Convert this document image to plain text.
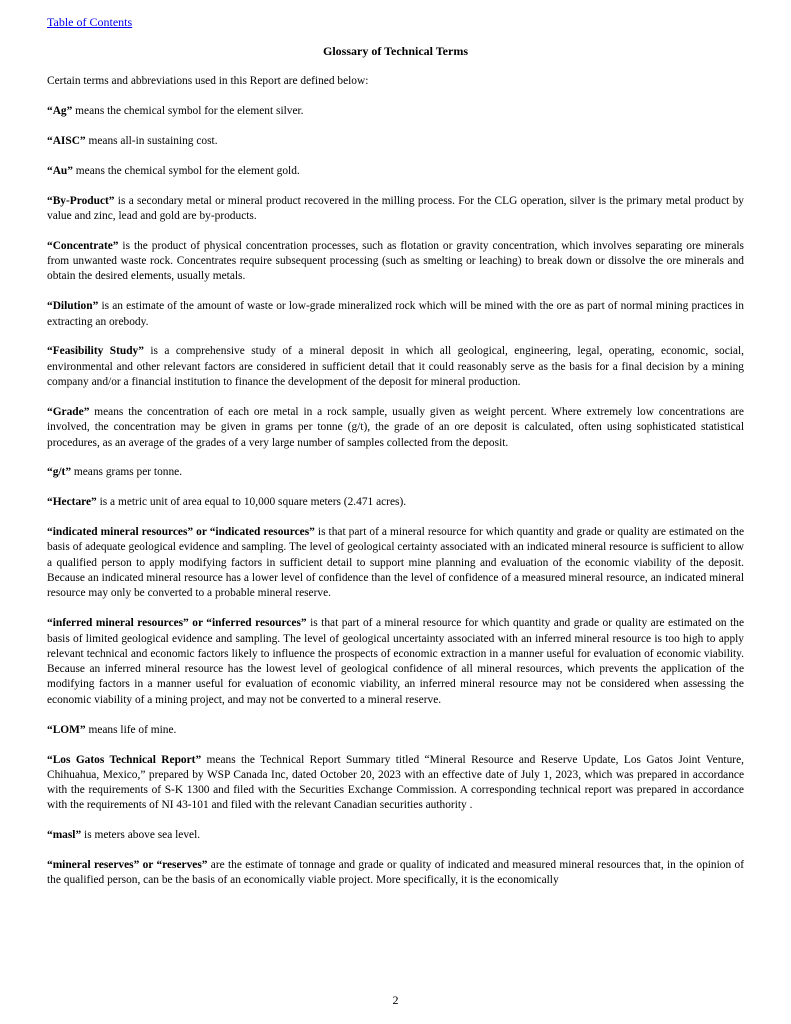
Table of Contents
Glossary of Technical Terms

Certain terms and abbreviations used in this Report are defined below:

“Ag” means the chemical symbol for the element silver.

“AISC” means all-in sustaining cost.

“Au” means the chemical symbol for the element gold.

“By-Product” is a secondary metal or mineral product recovered in the milling process. For the CLG operation, silver is the primary metal product by value and zinc, lead and gold are by-products.

“Concentrate” is the product of physical concentration processes, such as flotation or gravity concentration, which involves separating ore minerals from unwanted waste rock. Concentrates require subsequent processing (such as smelting or leaching) to break down or dissolve the ore minerals and obtain the desired elements, usually metals.

“Dilution” is an estimate of the amount of waste or low-grade mineralized rock which will be mined with the ore as part of normal mining practices in extracting an orebody.

“Feasibility Study” is a comprehensive study of a mineral deposit in which all geological, engineering, legal, operating, economic, social, environmental and other relevant factors are considered in sufficient detail that it could reasonably serve as the basis for a final decision by a mining company and/or a financial institution to finance the development of the deposit for mineral production.

“Grade” means the concentration of each ore metal in a rock sample, usually given as weight percent. Where extremely low concentrations are involved, the concentration may be given in grams per tonne (g/t), the grade of an ore deposit is calculated, often using sophisticated statistical procedures, as an average of the grades of a very large number of samples collected from the deposit.

“g/t” means grams per tonne.

“Hectare” is a metric unit of area equal to 10,000 square meters (2.471 acres).

“indicated mineral resources” or “indicated resources” is that part of a mineral resource for which quantity and grade or quality are estimated on the basis of adequate geological evidence and sampling. The level of geological certainty associated with an indicated mineral resource is sufficient to allow a qualified person to apply modifying factors in sufficient detail to support mine planning and evaluation of the economic viability of the deposit. Because an indicated mineral resource has a lower level of confidence than the level of confidence of a measured mineral resource, an indicated mineral resource may only be converted to a probable mineral reserve.

“inferred mineral resources” or “inferred resources” is that part of a mineral resource for which quantity and grade or quality are estimated on the basis of limited geological evidence and sampling. The level of geological uncertainty associated with an inferred mineral resource is too high to apply relevant technical and economic factors likely to influence the prospects of economic extraction in a manner useful for evaluation of economic viability. Because an inferred mineral resource has the lowest level of geological confidence of all mineral resources, which prevents the application of the modifying factors in a manner useful for evaluation of economic viability, an inferred mineral resource may not be considered when assessing the economic viability of a mining project, and may not be converted to a mineral reserve.

“LOM” means life of mine.

“Los Gatos Technical Report” means the Technical Report Summary titled “Mineral Resource and Reserve Update, Los Gatos Joint Venture, Chihuahua, Mexico,” prepared by WSP Canada Inc, dated October 20, 2023 with an effective date of July 1, 2023, which was prepared in accordance with the requirements of S-K 1300 and filed with the Securities Exchange Commission. A corresponding technical report was prepared in accordance with the requirements of NI 43-101 and filed with the relevant Canadian securities authority .

“masl” is meters above sea level.

“mineral reserves” or “reserves” are the estimate of tonnage and grade or quality of indicated and measured mineral resources that, in the opinion of the qualified person, can be the basis of an economically viable project. More specifically, it is the economically

2
